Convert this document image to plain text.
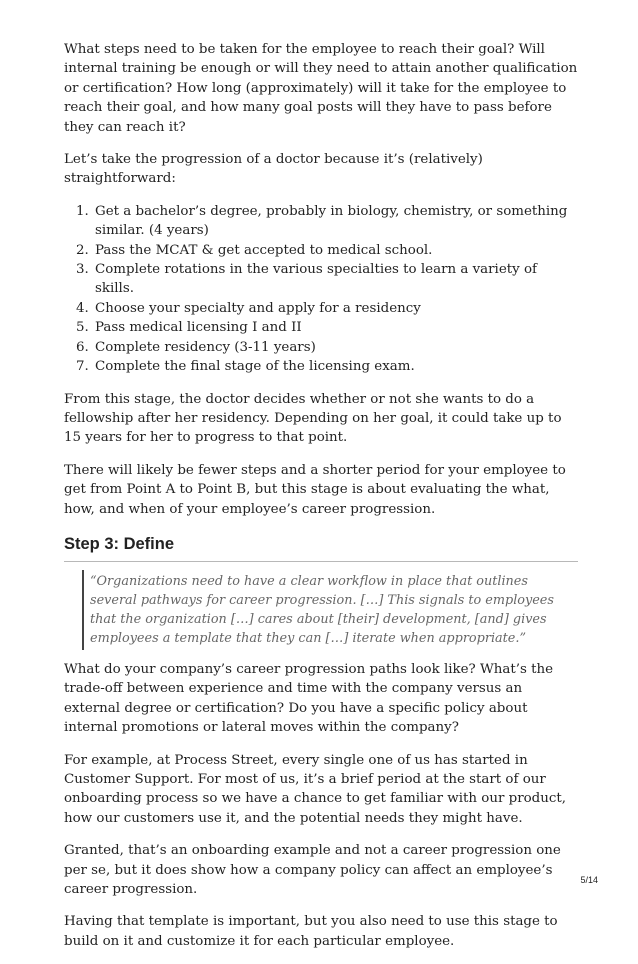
What steps need to be taken for the employee to reach their goal? Will internal training be enough or will they need to attain another qualification or certification? How long (approximately) will it take for the employee to reach their goal, and how many goal posts will they have to pass before they can reach it?

Let’s take the progression of a doctor because it’s (relatively) straightforward:

1. Get a bachelor’s degree, probably in biology, chemistry, or something similar. (4 years)
2. Pass the MCAT & get accepted to medical school.
3. Complete rotations in the various specialties to learn a variety of skills.
4. Choose your specialty and apply for a residency
5. Pass medical licensing I and II
6. Complete residency (3-11 years)
7. Complete the final stage of the licensing exam.

From this stage, the doctor decides whether or not she wants to do a fellowship after her residency. Depending on her goal, it could take up to 15 years for her to progress to that point.

There will likely be fewer steps and a shorter period for your employee to get from Point A to Point B, but this stage is about evaluating the what, how, and when of your employee’s career progression.

Step 3: Define

“Organizations need to have a clear workflow in place that outlines several pathways for career progression. […] This signals to employees that the organization […] cares about [their] development, [and] gives employees a template that they can […] iterate when appropriate.”

What do your company’s career progression paths look like? What’s the trade-off between experience and time with the company versus an external degree or certification? Do you have a specific policy about internal promotions or lateral moves within the company?

For example, at Process Street, every single one of us has started in Customer Support. For most of us, it’s a brief period at the start of our onboarding process so we have a chance to get familiar with our product, how our customers use it, and the potential needs they might have.

Granted, that’s an onboarding example and not a career progression one per se, but it does show how a company policy can affect an employee’s career progression.

Having that template is important, but you also need to use this stage to build on it and customize it for each particular employee.

5/14
